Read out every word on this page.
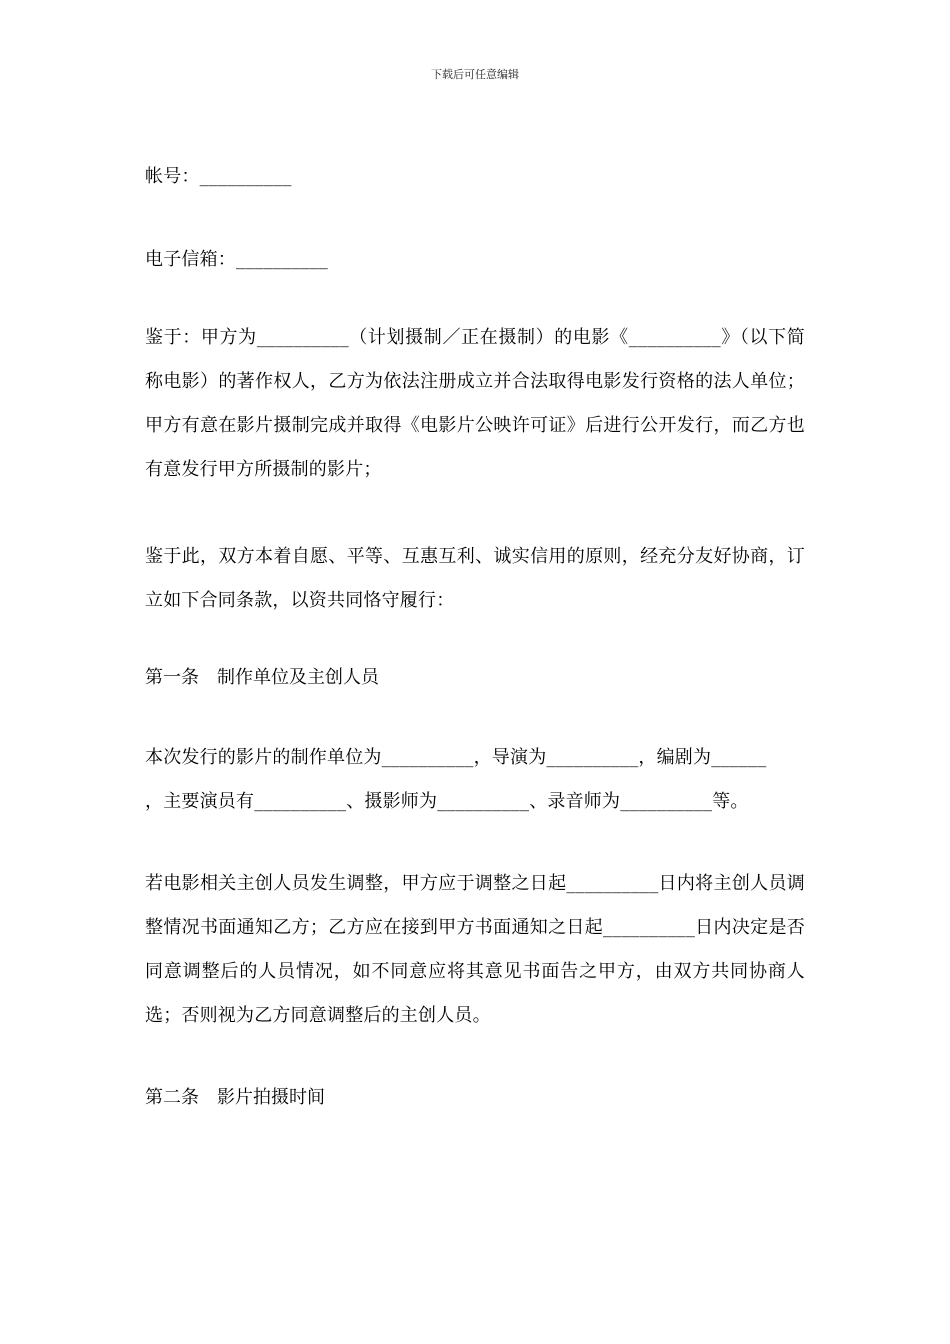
下载后可任意编辑

帐号：__________

电子信箱：__________

鉴于：甲方为__________（计划摄制／正在摄制）的电影《__________》（以下简称电影）的著作权人，乙方为依法注册成立并合法取得电影发行资格的法人单位；甲方有意在影片摄制完成并取得《电影片公映许可证》后进行公开发行，而乙方也有意发行甲方所摄制的影片；

鉴于此，双方本着自愿、平等、互惠互利、诚实信用的原则，经充分友好协商，订立如下合同条款，以资共同恪守履行：

第一条　制作单位及主创人员

本次发行的影片的制作单位为__________，导演为__________，编剧为______

，主要演员有__________、摄影师为__________、录音师为__________等。

若电影相关主创人员发生调整，甲方应于调整之日起__________日内将主创人员调整情况书面通知乙方；乙方应在接到甲方书面通知之日起__________日内决定是否同意调整后的人员情况，如不同意应将其意见书面告之甲方，由双方共同协商人选；否则视为乙方同意调整后的主创人员。

第二条　影片拍摄时间
